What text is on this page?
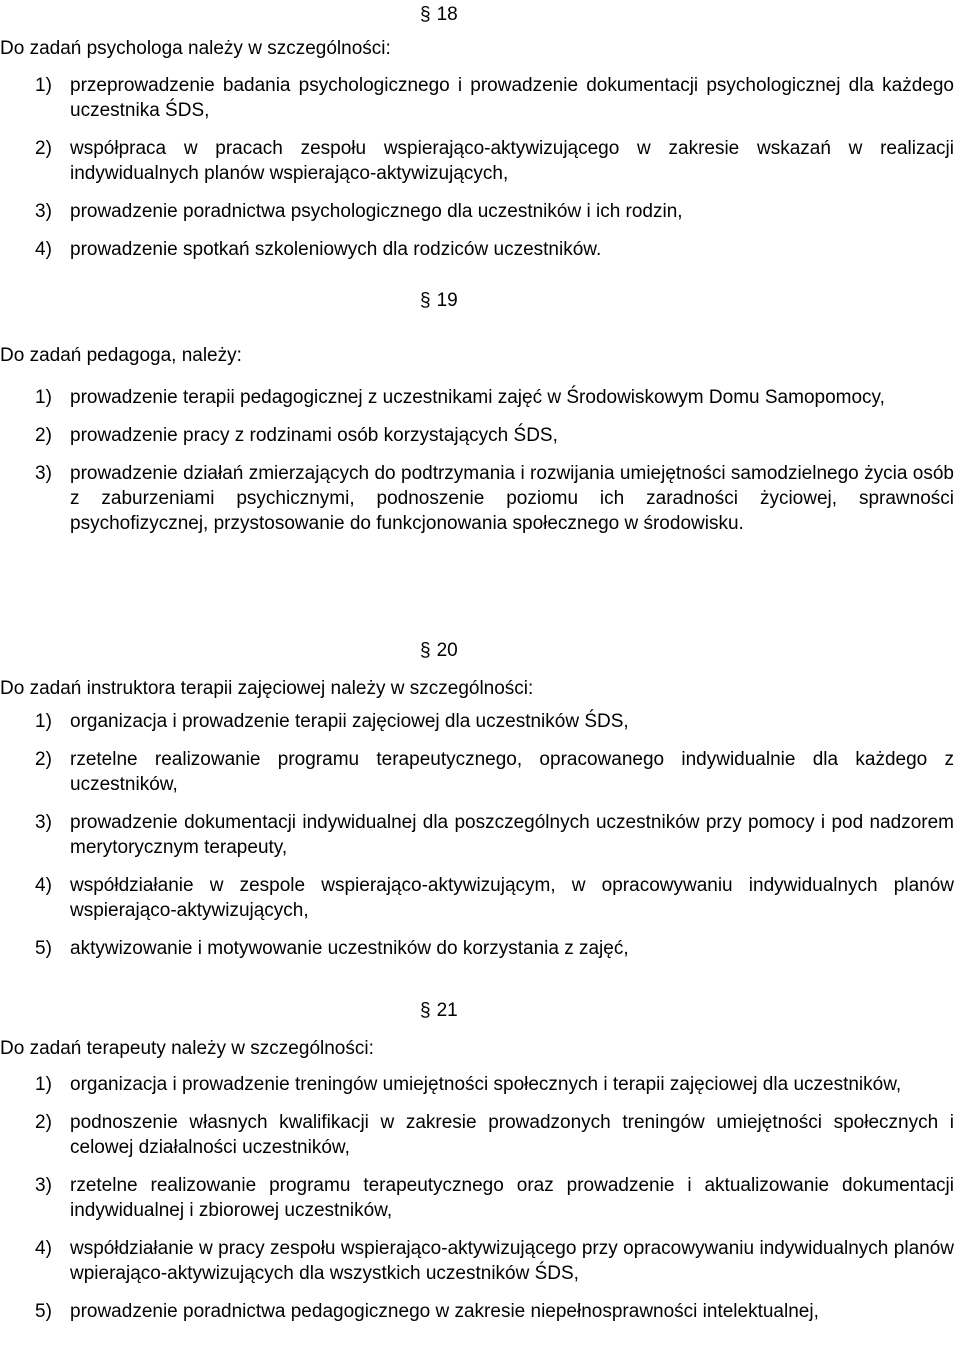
§ 18

Do zadań psychologa należy w szczególności:

1) przeprowadzenie badania psychologicznego i prowadzenie dokumentacji psychologicznej dla każdego uczestnika ŚDS,
2) współpraca w pracach zespołu wspierająco-aktywizującego w zakresie wskazań w realizacji indywidualnych planów wspierająco-aktywizujących,
3) prowadzenie poradnictwa psychologicznego dla uczestników i ich rodzin,
4) prowadzenie spotkań szkoleniowych dla rodziców uczestników.
§ 19

Do zadań pedagoga, należy:

1) prowadzenie terapii pedagogicznej z uczestnikami zajęć w Środowiskowym Domu Samopomocy,
2) prowadzenie pracy z rodzinami osób korzystających ŚDS,
3) prowadzenie działań zmierzających do podtrzymania i rozwijania umiejętności samodzielnego życia osób z zaburzeniami psychicznymi, podnoszenie poziomu ich zaradności życiowej, sprawności psychofizycznej, przystosowanie do funkcjonowania społecznego w środowisku.
§ 20

Do zadań instruktora terapii zajęciowej należy w szczególności:

1) organizacja i prowadzenie terapii zajęciowej dla uczestników ŚDS,
2) rzetelne realizowanie programu terapeutycznego, opracowanego indywidualnie dla każdego z uczestników,
3) prowadzenie dokumentacji indywidualnej dla poszczególnych uczestników przy pomocy i pod nadzorem merytorycznym terapeuty,
4) współdziałanie w zespole wspierająco-aktywizującym, w opracowywaniu indywidualnych planów wspierająco-aktywizujących,
5) aktywizowanie i motywowanie uczestników do korzystania z zajęć,
§ 21

Do zadań terapeuty należy w szczególności:

1) organizacja i prowadzenie treningów umiejętności społecznych i terapii zajęciowej dla uczestników,
2) podnoszenie własnych kwalifikacji w zakresie prowadzonych treningów umiejętności społecznych i celowej działalności uczestników,
3) rzetelne realizowanie programu terapeutycznego oraz prowadzenie i aktualizowanie dokumentacji indywidualnej i zbiorowej uczestników,
4) współdziałanie w pracy zespołu wspierająco-aktywizującego przy opracowywaniu indywidualnych planów wpierająco-aktywizujących dla wszystkich uczestników ŚDS,
5) prowadzenie poradnictwa pedagogicznego w zakresie niepełnosprawności intelektualnej,
